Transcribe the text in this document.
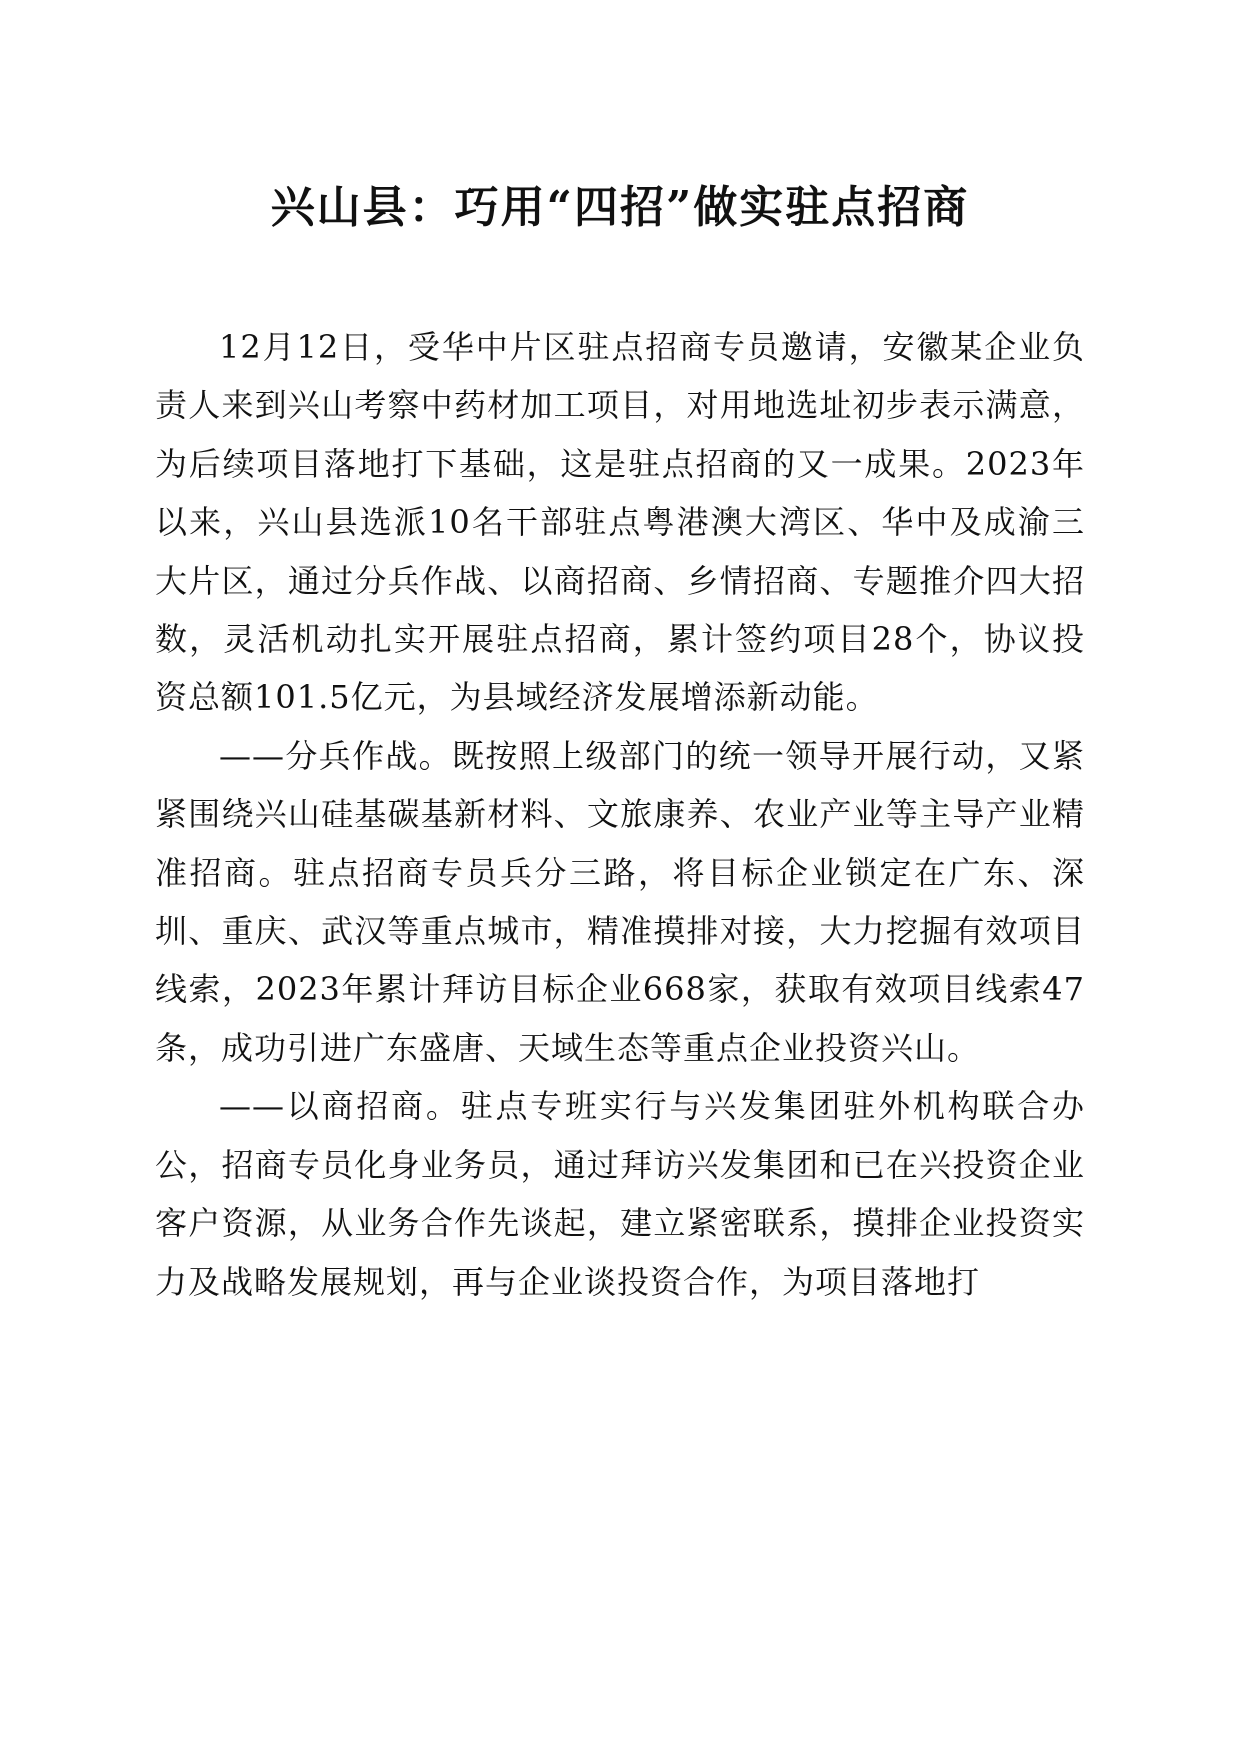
兴山县：巧用“四招”做实驻点招商

12月12日，受华中片区驻点招商专员邀请，安徽某企业负责人来到兴山考察中药材加工项目，对用地选址初步表示满意，为后续项目落地打下基础，这是驻点招商的又一成果。2023年以来，兴山县选派10名干部驻点粤港澳大湾区、华中及成渝三大片区，通过分兵作战、以商招商、乡情招商、专题推介四大招数，灵活机动扎实开展驻点招商，累计签约项目28个，协议投资总额101.5亿元，为县域经济发展增添新动能。

——分兵作战。既按照上级部门的统一领导开展行动，又紧紧围绕兴山硅基碳基新材料、文旅康养、农业产业等主导产业精准招商。驻点招商专员兵分三路，将目标企业锁定在广东、深圳、重庆、武汉等重点城市，精准摸排对接，大力挖掘有效项目线索，2023年累计拜访目标企业668家，获取有效项目线索47条，成功引进广东盛唐、天域生态等重点企业投资兴山。

——以商招商。驻点专班实行与兴发集团驻外机构联合办公，招商专员化身业务员，通过拜访兴发集团和已在兴投资企业客户资源，从业务合作先谈起，建立紧密联系，摸排企业投资实力及战略发展规划，再与企业谈投资合作，为项目落地打
